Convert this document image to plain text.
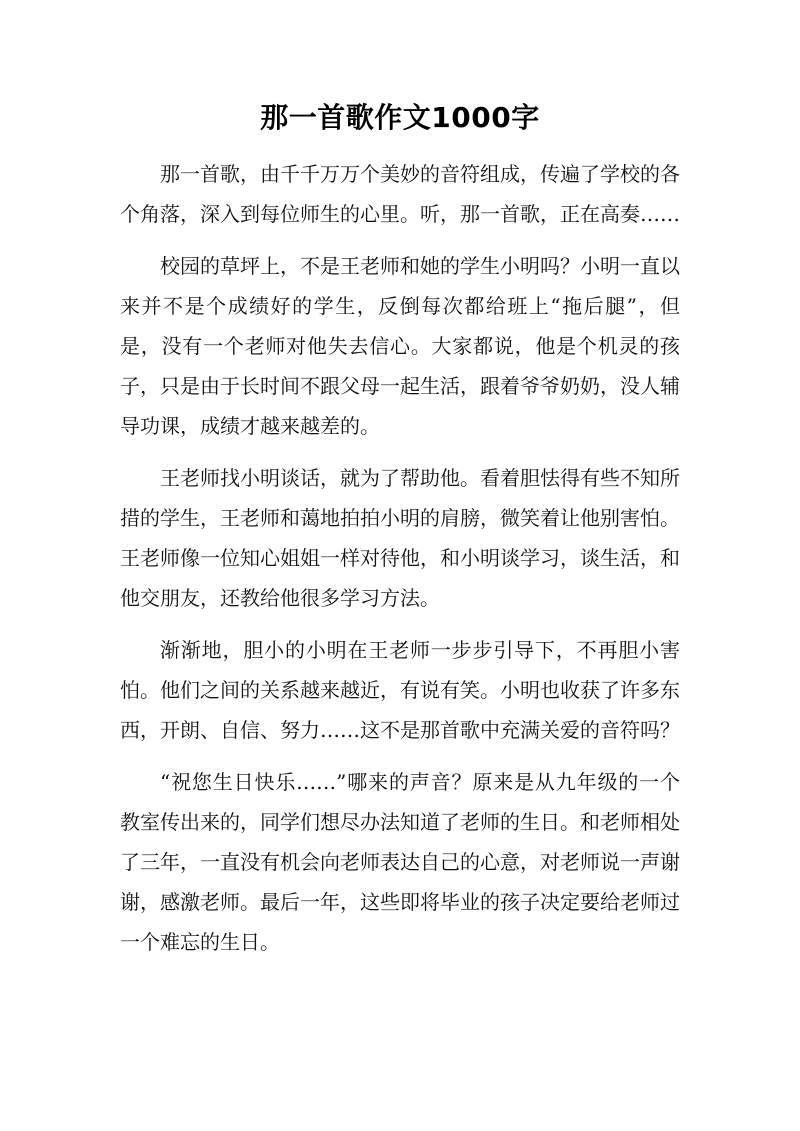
那一首歌作文1000字

那一首歌，由千千万万个美妙的音符组成，传遍了学校的各个角落，深入到每位师生的心里。听，那一首歌，正在高奏……

校园的草坪上，不是王老师和她的学生小明吗？小明一直以来并不是个成绩好的学生，反倒每次都给班上“拖后腿”，但是，没有一个老师对他失去信心。大家都说，他是个机灵的孩子，只是由于长时间不跟父母一起生活，跟着爷爷奶奶，没人辅导功课，成绩才越来越差的。

王老师找小明谈话，就为了帮助他。看着胆怯得有些不知所措的学生，王老师和蔼地拍拍小明的肩膀，微笑着让他别害怕。王老师像一位知心姐姐一样对待他，和小明谈学习，谈生活，和他交朋友，还教给他很多学习方法。

渐渐地，胆小的小明在王老师一步步引导下，不再胆小害怕。他们之间的关系越来越近，有说有笑。小明也收获了许多东西，开朗、自信、努力……这不是那首歌中充满关爱的音符吗？

“祝您生日快乐……”哪来的声音？原来是从九年级的一个教室传出来的，同学们想尽办法知道了老师的生日。和老师相处了三年，一直没有机会向老师表达自己的心意，对老师说一声谢谢，感激老师。最后一年，这些即将毕业的孩子决定要给老师过一个难忘的生日。
